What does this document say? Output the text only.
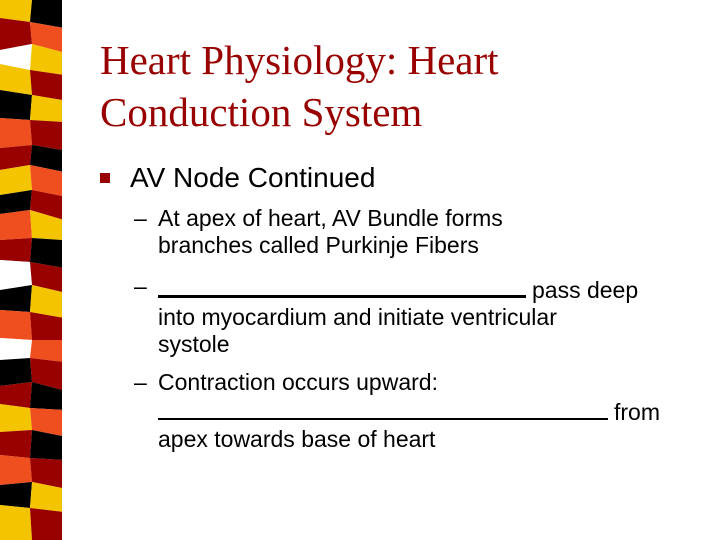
Heart Physiology: Heart Conduction System
AV Node Continued
– At apex of heart, AV Bundle forms
branches called Purkinje Fibers
–	pass deep
into myocardium and initiate ventricular
systole
– Contraction occurs upward:
from
apex towards base of heart
